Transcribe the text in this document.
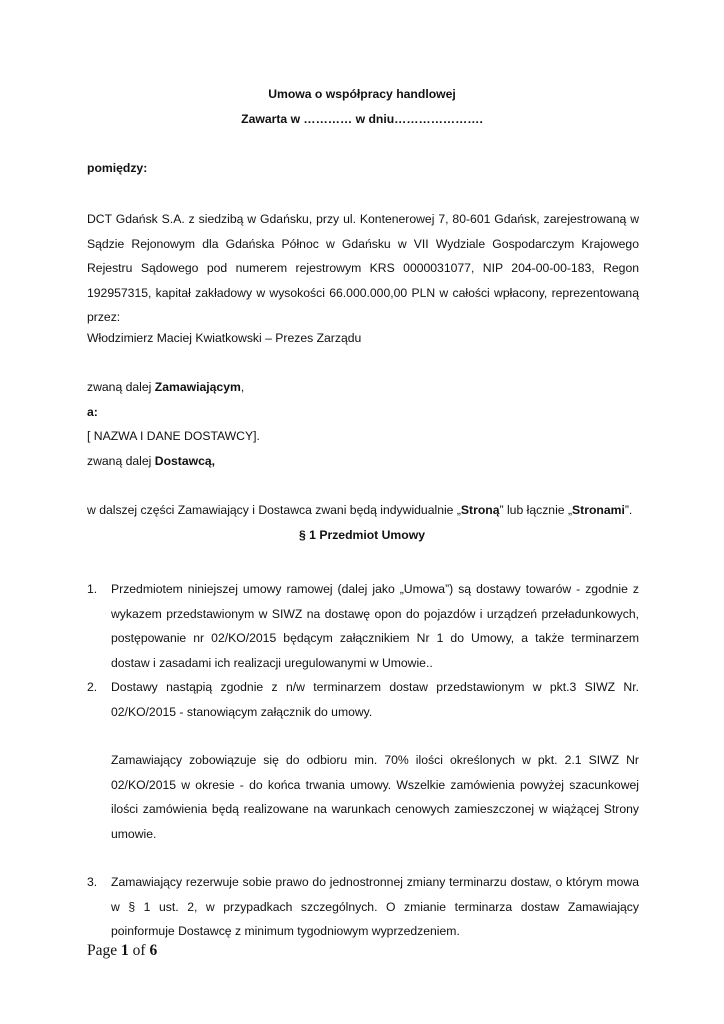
Umowa o współpracy handlowej
Zawarta w ………… w dniu………………….
pomiędzy:
DCT Gdańsk S.A. z siedzibą w Gdańsku, przy ul. Kontenerowej 7, 80-601 Gdańsk, zarejestrowaną w Sądzie Rejonowym dla Gdańska Północ w Gdańsku w VII Wydziale Gospodarczym Krajowego Rejestru Sądowego pod numerem rejestrowym KRS 0000031077, NIP 204-00-00-183, Regon 192957315, kapitał zakładowy w wysokości 66.000.000,00 PLN w całości wpłacony, reprezentowaną przez:
Włodzimierz Maciej Kwiatkowski – Prezes Zarządu
zwaną dalej Zamawiającym,
a:
[ NAZWA I DANE DOSTAWCY].
zwaną dalej Dostawcą,
w dalszej części Zamawiający i Dostawca zwani będą indywidualnie „Stroną” lub łącznie „Stronami”.
§ 1 Przedmiot Umowy
1.	Przedmiotem niniejszej umowy ramowej (dalej jako „Umowa”) są dostawy towarów - zgodnie z wykazem przedstawionym w SIWZ na dostawę opon do pojazdów i urządzeń przeładunkowych, postępowanie nr 02/KO/2015 będącym załącznikiem Nr 1 do Umowy, a także terminarzem dostaw i zasadami ich realizacji uregulowanymi w Umowie..
2.	Dostawy nastąpią zgodnie z n/w terminarzem dostaw przedstawionym w pkt.3 SIWZ Nr. 02/KO/2015 - stanowiącym załącznik do umowy.
Zamawiający zobowiązuje się do odbioru min. 70% ilości określonych w pkt. 2.1 SIWZ Nr 02/KO/2015 w okresie - do końca trwania umowy. Wszelkie zamówienia powyżej szacunkowej ilości zamówienia będą realizowane na warunkach cenowych zamieszczonej w wiążącej Strony umowie.
3.	Zamawiający rezerwuje sobie prawo do jednostronnej zmiany terminarzu dostaw, o którym mowa w § 1 ust. 2, w przypadkach szczególnych. O zmianie terminarza dostaw Zamawiający poinformuje Dostawcę z minimum tygodniowym wyprzedzeniem.
Page 1 of 6
